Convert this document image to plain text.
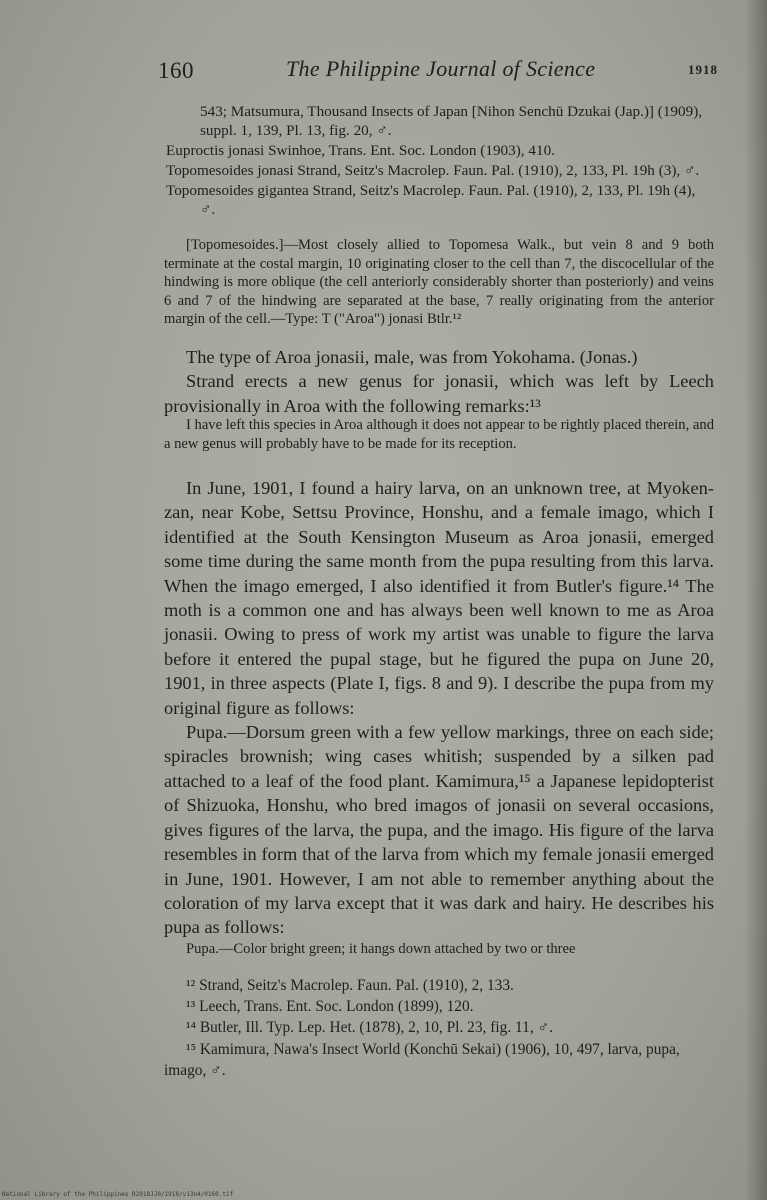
160	The Philippine Journal of Science	1918

543; Matsumura, Thousand Insects of Japan [Nihon Senchū Dzukai (Jap.)] (1909), suppl. 1, 139, Pl. 13, fig. 20, ♂.

Euproctis jonasi Swinhoe, Trans. Ent. Soc. London (1903), 410.

Topomesoides jonasi Strand, Seitz's Macrolep. Faun. Pal. (1910), 2, 133, Pl. 19h (3), ♂.

Topomesoides gigantea Strand, Seitz's Macrolep. Faun. Pal. (1910), 2, 133, Pl. 19h (4), ♂.

[Topomesoides.]—Most closely allied to Topomesa Walk., but vein 8 and 9 both terminate at the costal margin, 10 originating closer to the cell than 7, the discocellular of the hindwing is more oblique (the cell anteriorly considerably shorter than posteriorly) and veins 6 and 7 of the hindwing are separated at the base, 7 really originating from the anterior margin of the cell.—Type: T ("Aroa") jonasi Btlr.¹²

The type of Aroa jonasii, male, was from Yokohama. (Jonas.)

Strand erects a new genus for jonasii, which was left by Leech provisionally in Aroa with the following remarks:¹³

I have left this species in Aroa although it does not appear to be rightly placed therein, and a new genus will probably have to be made for its reception.

In June, 1901, I found a hairy larva, on an unknown tree, at Myoken-zan, near Kobe, Settsu Province, Honshu, and a female imago, which I identified at the South Kensington Museum as Aroa jonasii, emerged some time during the same month from the pupa resulting from this larva. When the imago emerged, I also identified it from Butler's figure.¹⁴ The moth is a common one and has always been well known to me as Aroa jonasii. Owing to press of work my artist was unable to figure the larva before it entered the pupal stage, but he figured the pupa on June 20, 1901, in three aspects (Plate I, figs. 8 and 9). I describe the pupa from my original figure as follows:

Pupa.—Dorsum green with a few yellow markings, three on each side; spiracles brownish; wing cases whitish; suspended by a silken pad attached to a leaf of the food plant. Kamimura,¹⁵ a Japanese lepidopterist of Shizuoka, Honshu, who bred imagos of jonasii on several occasions, gives figures of the larva, the pupa, and the imago. His figure of the larva resembles in form that of the larva from which my female jonasii emerged in June, 1901. However, I am not able to remember anything about the coloration of my larva except that it was dark and hairy. He describes his pupa as follows:

Pupa.—Color bright green; it hangs down attached by two or three

¹² Strand, Seitz's Macrolep. Faun. Pal. (1910), 2, 133.

¹³ Leech, Trans. Ent. Soc. London (1899), 120.

¹⁴ Butler, Ill. Typ. Lep. Het. (1878), 2, 10, Pl. 23, fig. 11, ♂.

¹⁵ Kamimura, Nawa's Insect World (Konchū Sekai) (1906), 10, 497, larva, pupa, imago, ♂.

National Library of the Philippines R2018JJ0/1918/v13n4/0160.tif
